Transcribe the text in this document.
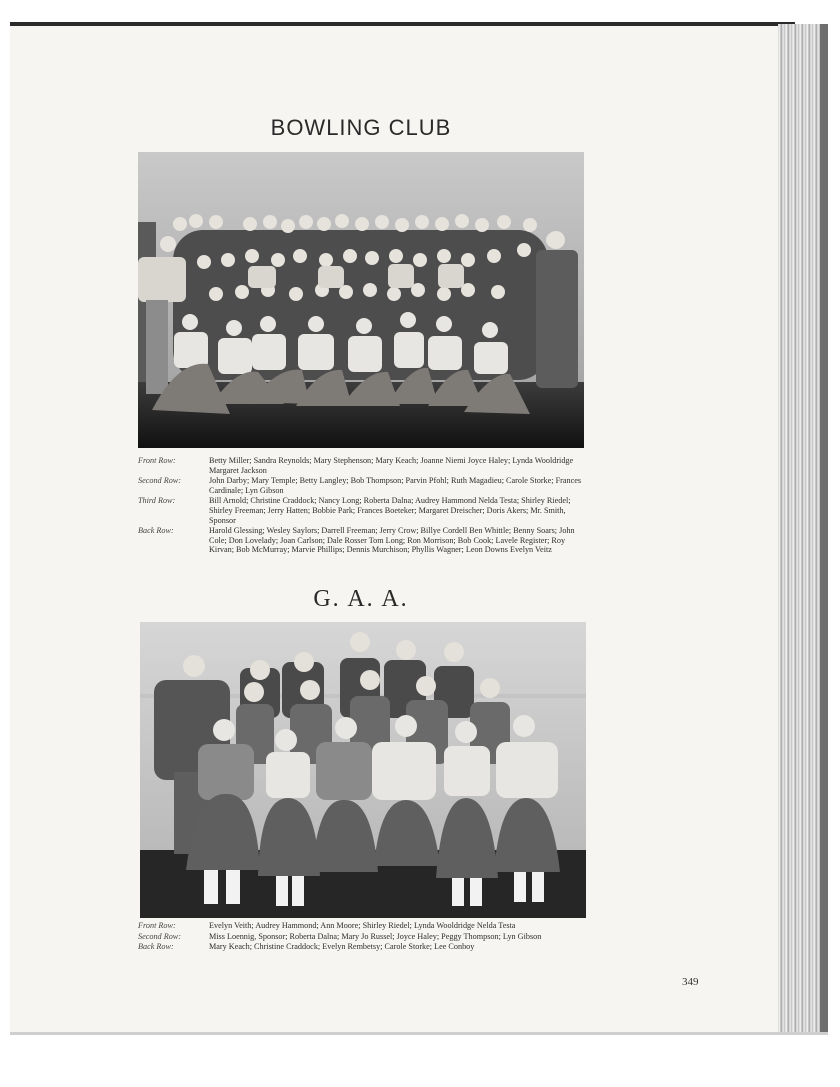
BOWLING CLUB
Front Row:	Betty Miller; Sandra Reynolds; Mary Stephenson; Mary Keach; Joanne Niemi Joyce Haley; Lynda Wooldridge Margaret Jackson
Second Row:	John Darby; Mary Temple; Betty Langley; Bob Thompson; Parvin Pfohl; Ruth Magadieu; Carole Storke; Frances Cardinale; Lyn Gibson
Third Row:	Bill Arnold; Christine Craddock; Nancy Long; Roberta Dalna; Audrey Hammond Nelda Testa; Shirley Riedel; Shirley Freeman; Jerry Hatten; Bobbie Park; Frances Boeteker; Margaret Dreischer; Doris Akers; Mr. Smith, Sponsor
Back Row:	Harold Glessing; Wesley Saylors; Darrell Freeman; Jerry Crow; Billye Cordell Ben Whittle; Benny Soars; John Cole; Don Lovelady; Joan Carlson; Dale Rosser Tom Long; Ron Morrison; Bob Cook; Lavele Register; Roy Kirvan; Bob McMurray; Marvie Phillips; Dennis Murchison; Phyllis Wagner; Leon Downs Evelyn Veitz
G. A. A.
Front Row:	Evelyn Veith; Audrey Hammond; Ann Moore; Shirley Riedel; Lynda Wooldridge Nelda Testa
Second Row:	Miss Loennig, Sponsor; Roberta Dalna; Mary Jo Russel; Joyce Haley; Peggy Thompson; Lyn Gibson
Back Row:	Mary Keach; Christine Craddock; Evelyn Rembetsy; Carole Storke; Lee Conboy
349
